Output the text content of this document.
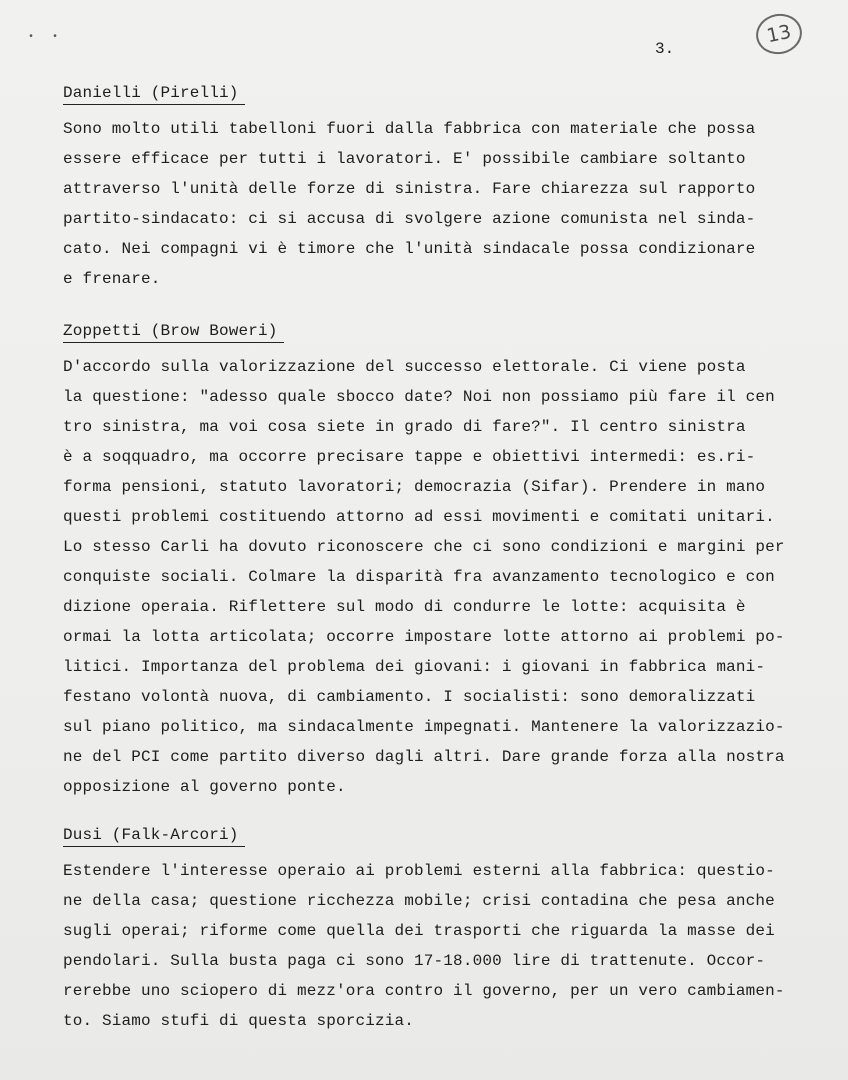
•   •	13
3.
Danielli (Pirelli)
Sono molto utili tabelloni fuori dalla fabbrica con materiale che possa
essere efficace per tutti i lavoratori. E' possibile cambiare soltanto
attraverso l'unità delle forze di sinistra. Fare chiarezza sul rapporto
partito-sindacato: ci si accusa di svolgere azione comunista nel sinda-
cato. Nei compagni vi è timore che l'unità sindacale possa condizionare
e frenare.
Zoppetti (Brow Boweri)
D'accordo sulla valorizzazione del successo elettorale. Ci viene posta
la questione: "adesso quale sbocco date? Noi non possiamo più fare il cen
tro sinistra, ma voi cosa siete in grado di fare?". Il centro sinistra
è a soqquadro, ma occorre precisare tappe e obiettivi intermedi: es.ri-
forma pensioni, statuto lavoratori; democrazia (Sifar). Prendere in mano
questi problemi costituendo attorno ad essi movimenti e comitati unitari.
Lo stesso Carli ha dovuto riconoscere che ci sono condizioni e margini per
conquiste sociali. Colmare la disparità fra avanzamento tecnologico e con
dizione operaia. Riflettere sul modo di condurre le lotte: acquisita è
ormai la lotta articolata; occorre impostare lotte attorno ai problemi po-
litici. Importanza del problema dei giovani: i giovani in fabbrica mani-
festano volontà nuova, di cambiamento. I socialisti: sono demoralizzati
sul piano politico, ma sindacalmente impegnati. Mantenere la valorizzazio-
ne del PCI come partito diverso dagli altri. Dare grande forza alla nostra
opposizione al governo ponte.
Dusi (Falk-Arcori)
Estendere l'interesse operaio ai problemi esterni alla fabbrica: questio-
ne della casa; questione ricchezza mobile; crisi contadina che pesa anche
sugli operai; riforme come quella dei trasporti che riguarda la masse dei
pendolari. Sulla busta paga ci sono 17-18.000 lire di trattenute. Occor-
rerebbe uno sciopero di mezz'ora contro il governo, per un vero cambiamen-
to. Siamo stufi di questa sporcizia.
